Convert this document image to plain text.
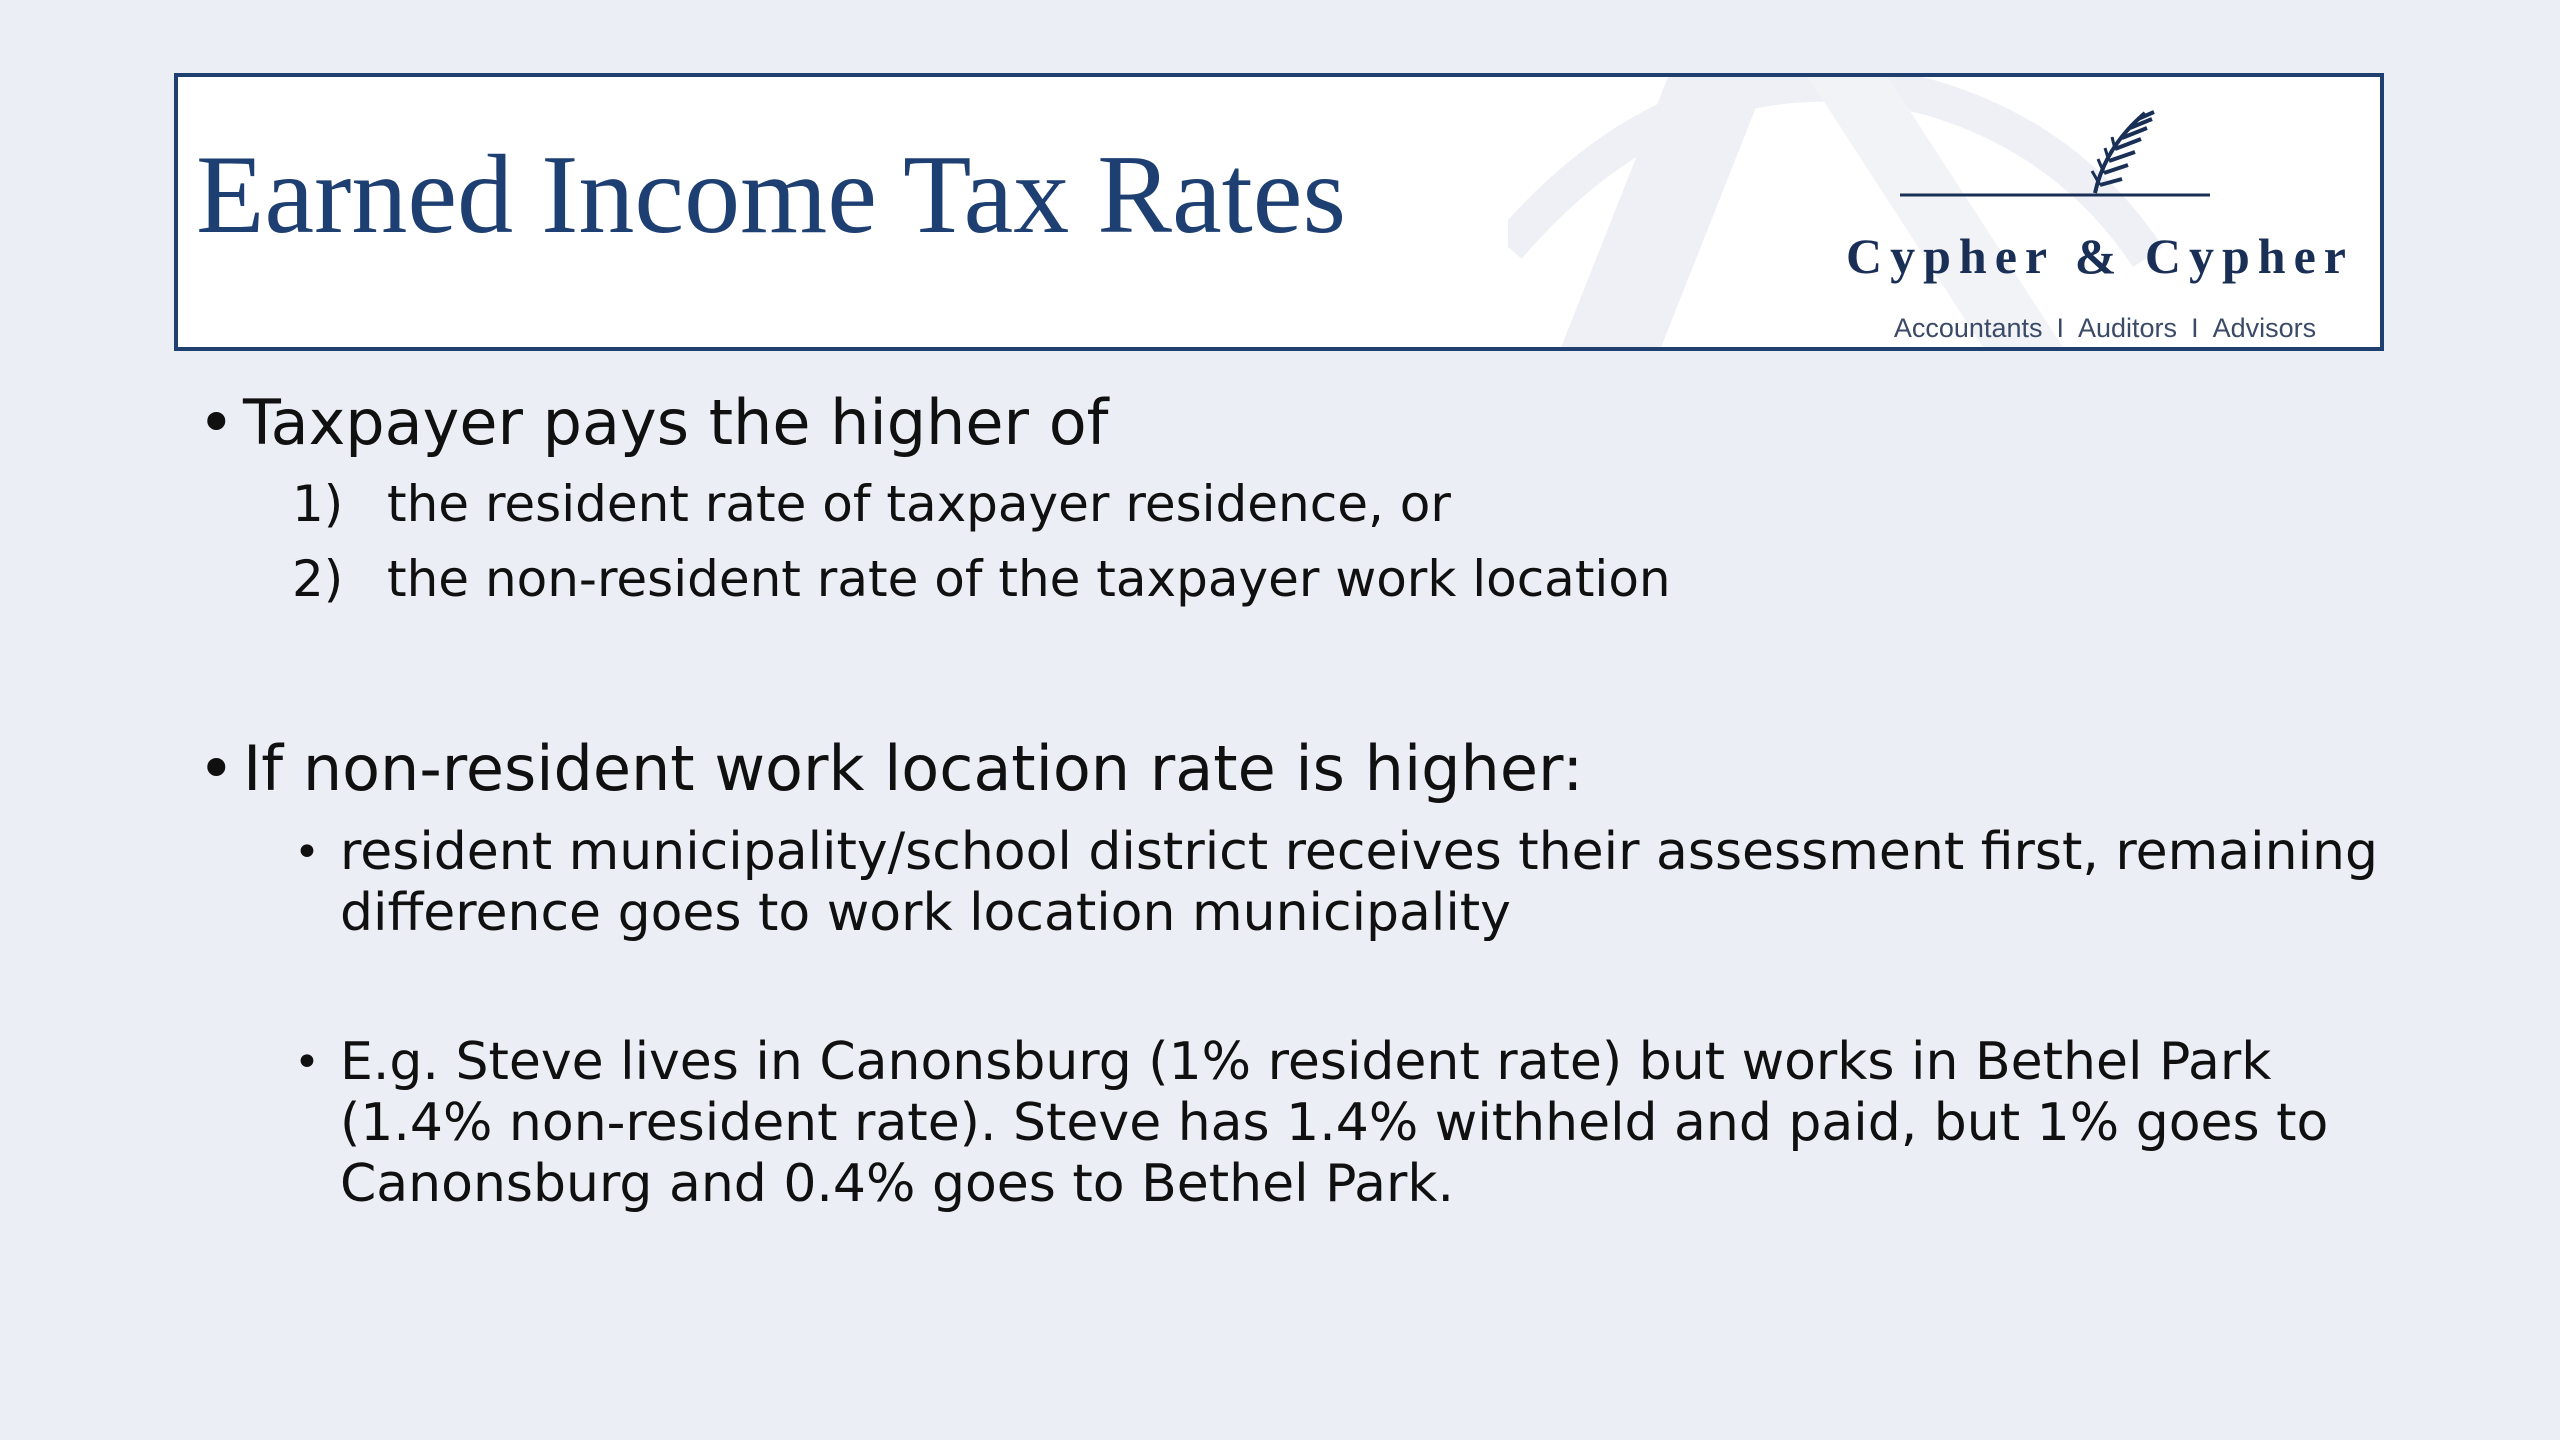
Earned Income Tax Rates	Cypher & Cypher
Accountants I Auditors I Advisors
• Taxpayer pays the higher of
1) the resident rate of taxpayer residence, or
2) the non-resident rate of the taxpayer work location
• If non-resident work location rate is higher:
• resident municipality/school district receives their assessment first, remaining
difference goes to work location municipality
• E.g. Steve lives in Canonsburg (1% resident rate) but works in Bethel Park
(1.4% non-resident rate). Steve has 1.4% withheld and paid, but 1% goes to
Canonsburg and 0.4% goes to Bethel Park.
